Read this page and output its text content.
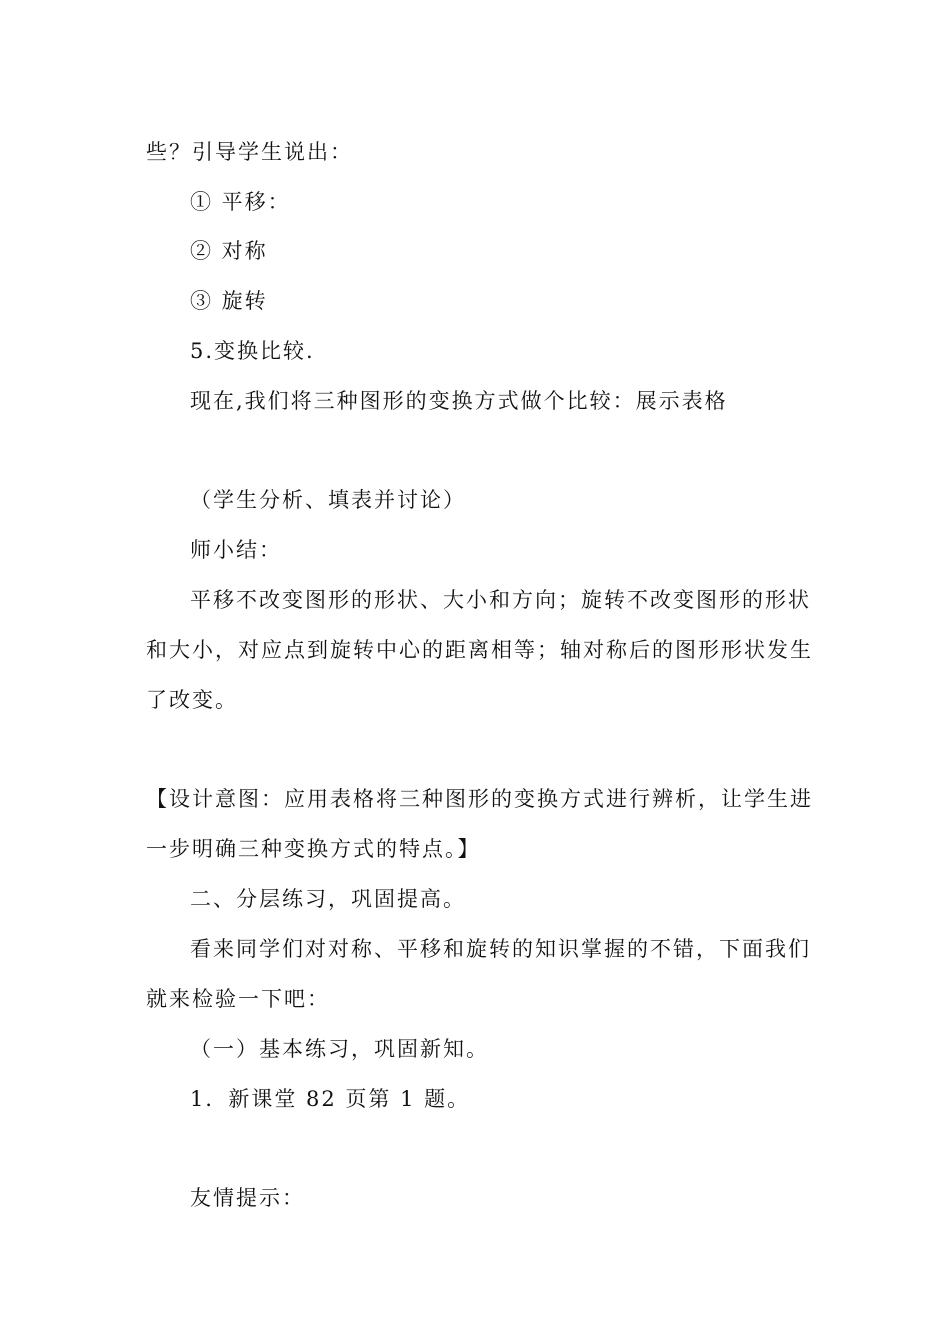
些？引导学生说出：
① 平移：
② 对称
③ 旋转
5.变换比较.
现在,我们将三种图形的变换方式做个比较：展示表格
（学生分析、填表并讨论）
师小结：
平移不改变图形的形状、大小和方向；旋转不改变图形的形状
和大小，对应点到旋转中心的距离相等；轴对称后的图形形状发生
了改变。
【设计意图：应用表格将三种图形的变换方式进行辨析，让学生进
一步明确三种变换方式的特点。】
二、分层练习，巩固提高。
看来同学们对对称、平移和旋转的知识掌握的不错，下面我们
就来检验一下吧：
（一）基本练习，巩固新知。
1．新课堂 82 页第 1 题。
友情提示：
